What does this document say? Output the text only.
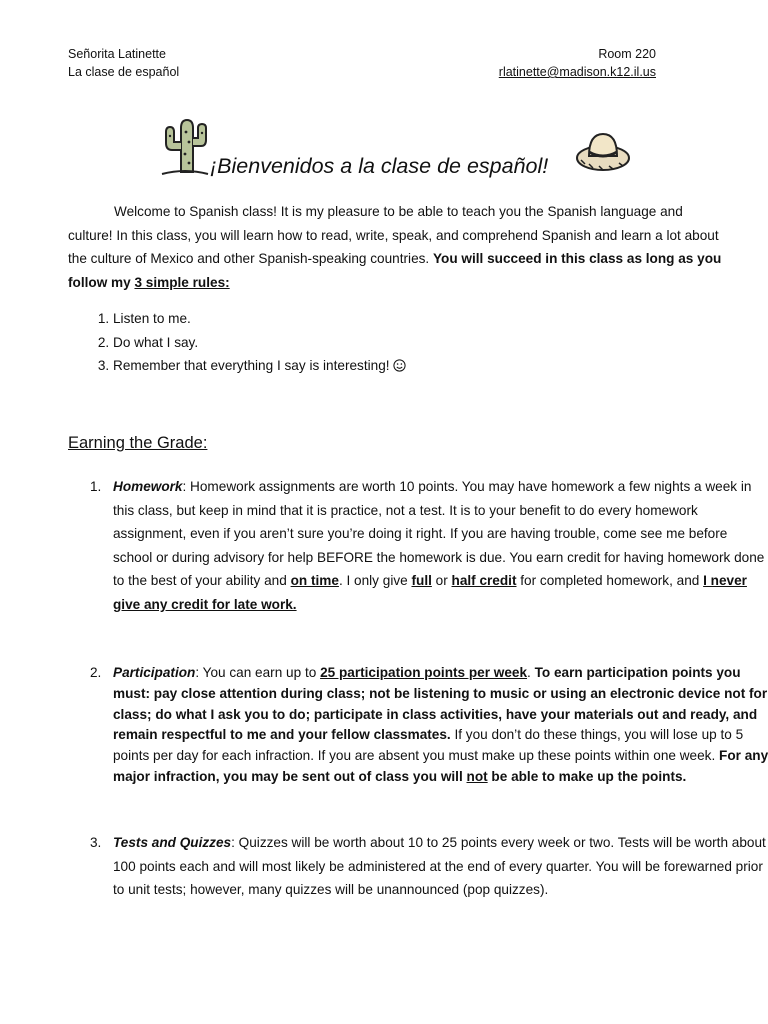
Señorita Latinette
La clase de español
Room 220
rlatinette@madison.k12.il.us
¡Bienvenidos a la clase de español!

Welcome to Spanish class! It is my pleasure to be able to teach you the Spanish language and culture! In this class, you will learn how to read, write, speak, and comprehend Spanish and learn a lot about the culture of Mexico and other Spanish-speaking countries. You will succeed in this class as long as you follow my 3 simple rules:

1. Listen to me.
2. Do what I say.
3. Remember that everything I say is interesting!
Earning the Grade:
1. Homework: Homework assignments are worth 10 points. You may have homework a few nights a week in this class, but keep in mind that it is practice, not a test. It is to your benefit to do every homework assignment, even if you aren’t sure you’re doing it right. If you are having trouble, come see me before school or during advisory for help BEFORE the homework is due. You earn credit for having homework done to the best of your ability and on time. I only give full or half credit for completed homework, and I never give any credit for late work.
2. Participation: You can earn up to 25 participation points per week. To earn participation points you must: pay close attention during class; not be listening to music or using an electronic device not for class; do what I ask you to do; participate in class activities, have your materials out and ready, and remain respectful to me and your fellow classmates. If you don’t do these things, you will lose up to 5 points per day for each infraction. If you are absent you must make up these points within one week. For any major infraction, you may be sent out of class you will not be able to make up the points.
3. Tests and Quizzes: Quizzes will be worth about 10 to 25 points every week or two. Tests will be worth about 100 points each and will most likely be administered at the end of every quarter. You will be forewarned prior to unit tests; however, many quizzes will be unannounced (pop quizzes).
